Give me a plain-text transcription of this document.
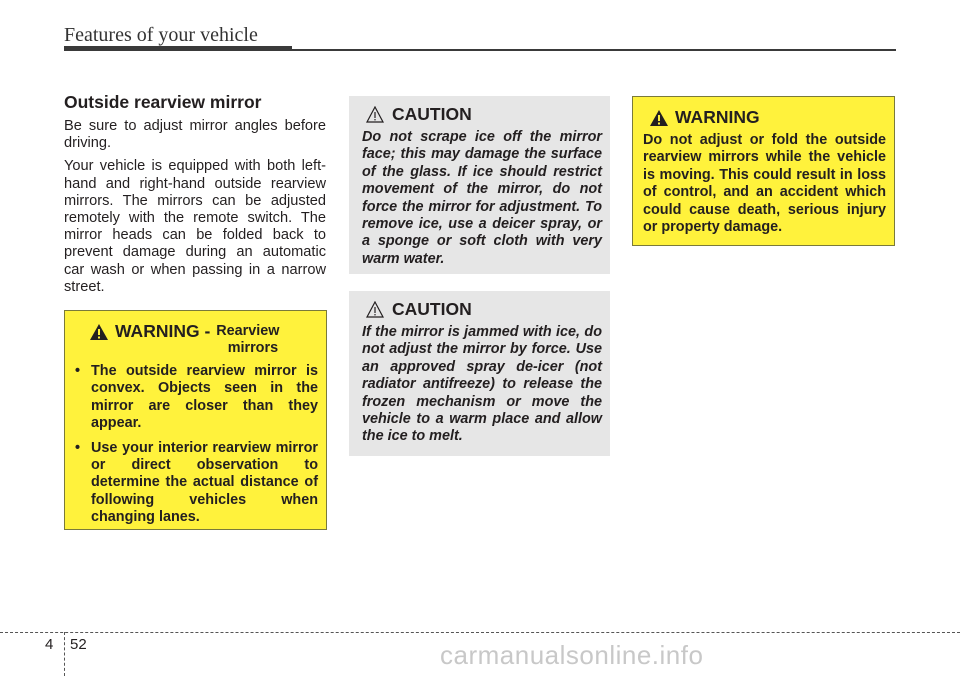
Features of your vehicle
Outside rearview mirror

Be sure to adjust mirror angles before driving.

Your vehicle is equipped with both left-hand and right-hand outside rearview mirrors. The mirrors can be adjusted remotely with the remote switch. The mirror heads can be folded back to prevent damage during an automatic car wash or when passing in a narrow street.

WARNING - Rearview
mirrors
• The outside rearview mirror is convex. Objects seen in the mirror are closer than they appear.
• Use your interior rearview mirror or direct observation to determine the actual distance of following vehicles when changing lanes.
CAUTION

Do not scrape ice off the mirror face; this may damage the surface of the glass. If ice should restrict movement of the mirror, do not force the mirror for adjustment. To remove ice, use a deicer spray, or a sponge or soft cloth with very warm water.

CAUTION

If the mirror is jammed with ice, do not adjust the mirror by force. Use an approved spray de-icer (not radiator antifreeze) to release the frozen mechanism or move the vehicle to a warm place and allow the ice to melt.

WARNING

Do not adjust or fold the outside rearview mirrors while the vehicle is moving. This could result in loss of control, and an accident which could cause death, serious injury or property damage.

4 52	carmanualsonline.info
